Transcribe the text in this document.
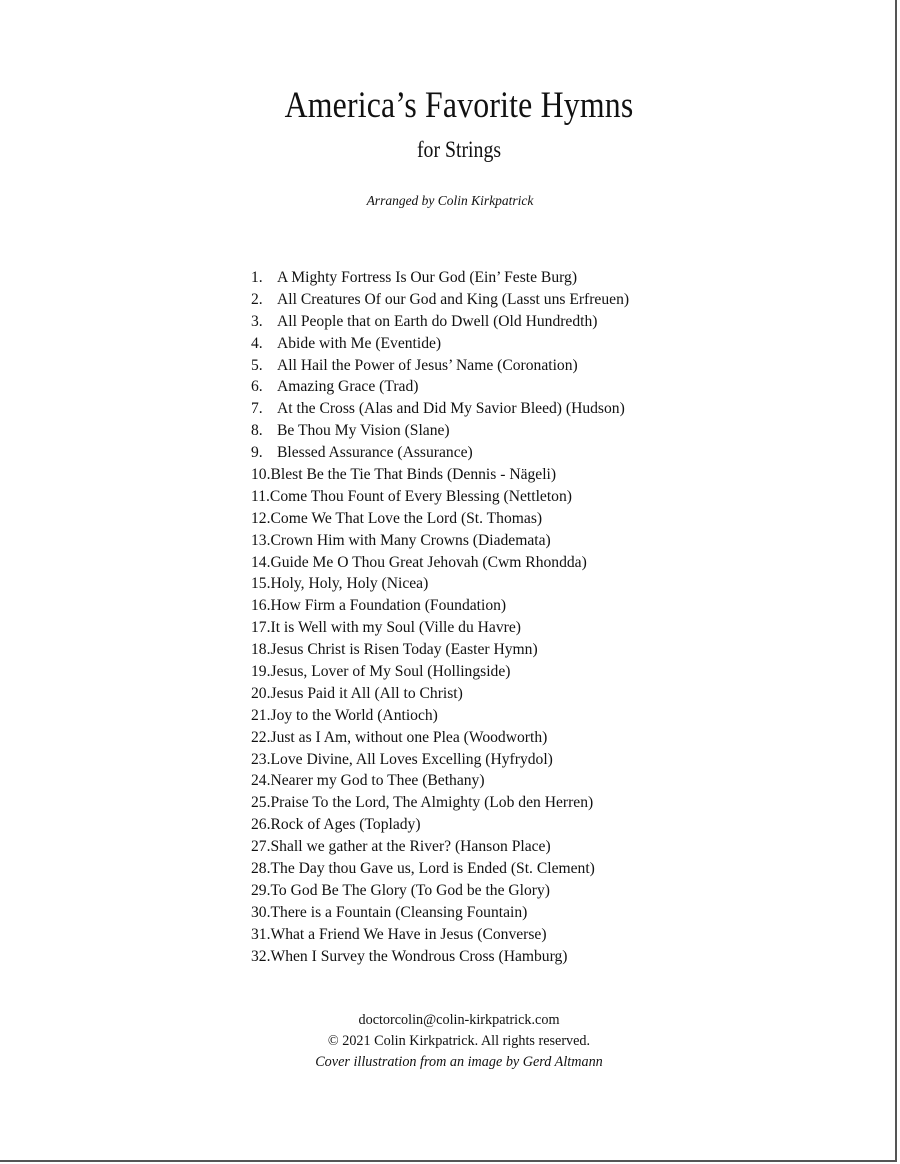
America’s Favorite Hymns
for Strings
Arranged by Colin Kirkpatrick
1. A Mighty Fortress Is Our God (Ein’ Feste Burg)
2. All Creatures Of our God and King (Lasst uns Erfreuen)
3. All People that on Earth do Dwell (Old Hundredth)
4. Abide with Me (Eventide)
5. All Hail the Power of Jesus’ Name (Coronation)
6. Amazing Grace (Trad)
7. At the Cross (Alas and Did My Savior Bleed) (Hudson)
8. Be Thou My Vision (Slane)
9. Blessed Assurance (Assurance)
10. Blest Be the Tie That Binds (Dennis - Nägeli)
11. Come Thou Fount of Every Blessing (Nettleton)
12. Come We That Love the Lord (St. Thomas)
13. Crown Him with Many Crowns (Diademata)
14. Guide Me O Thou Great Jehovah (Cwm Rhondda)
15. Holy, Holy, Holy (Nicea)
16. How Firm a Foundation (Foundation)
17. It is Well with my Soul (Ville du Havre)
18. Jesus Christ is Risen Today (Easter Hymn)
19. Jesus, Lover of My Soul (Hollingside)
20. Jesus Paid it All (All to Christ)
21. Joy to the World (Antioch)
22. Just as I Am, without one Plea (Woodworth)
23. Love Divine, All Loves Excelling (Hyfrydol)
24. Nearer my God to Thee (Bethany)
25. Praise To the Lord, The Almighty (Lob den Herren)
26. Rock of Ages (Toplady)
27. Shall we gather at the River? (Hanson Place)
28. The Day thou Gave us, Lord is Ended (St. Clement)
29. To God Be The Glory (To God be the Glory)
30. There is a Fountain (Cleansing Fountain)
31. What a Friend We Have in Jesus (Converse)
32. When I Survey the Wondrous Cross (Hamburg)
doctorcolin@colin-kirkpatrick.com
© 2021 Colin Kirkpatrick. All rights reserved.
Cover illustration from an image by Gerd Altmann
